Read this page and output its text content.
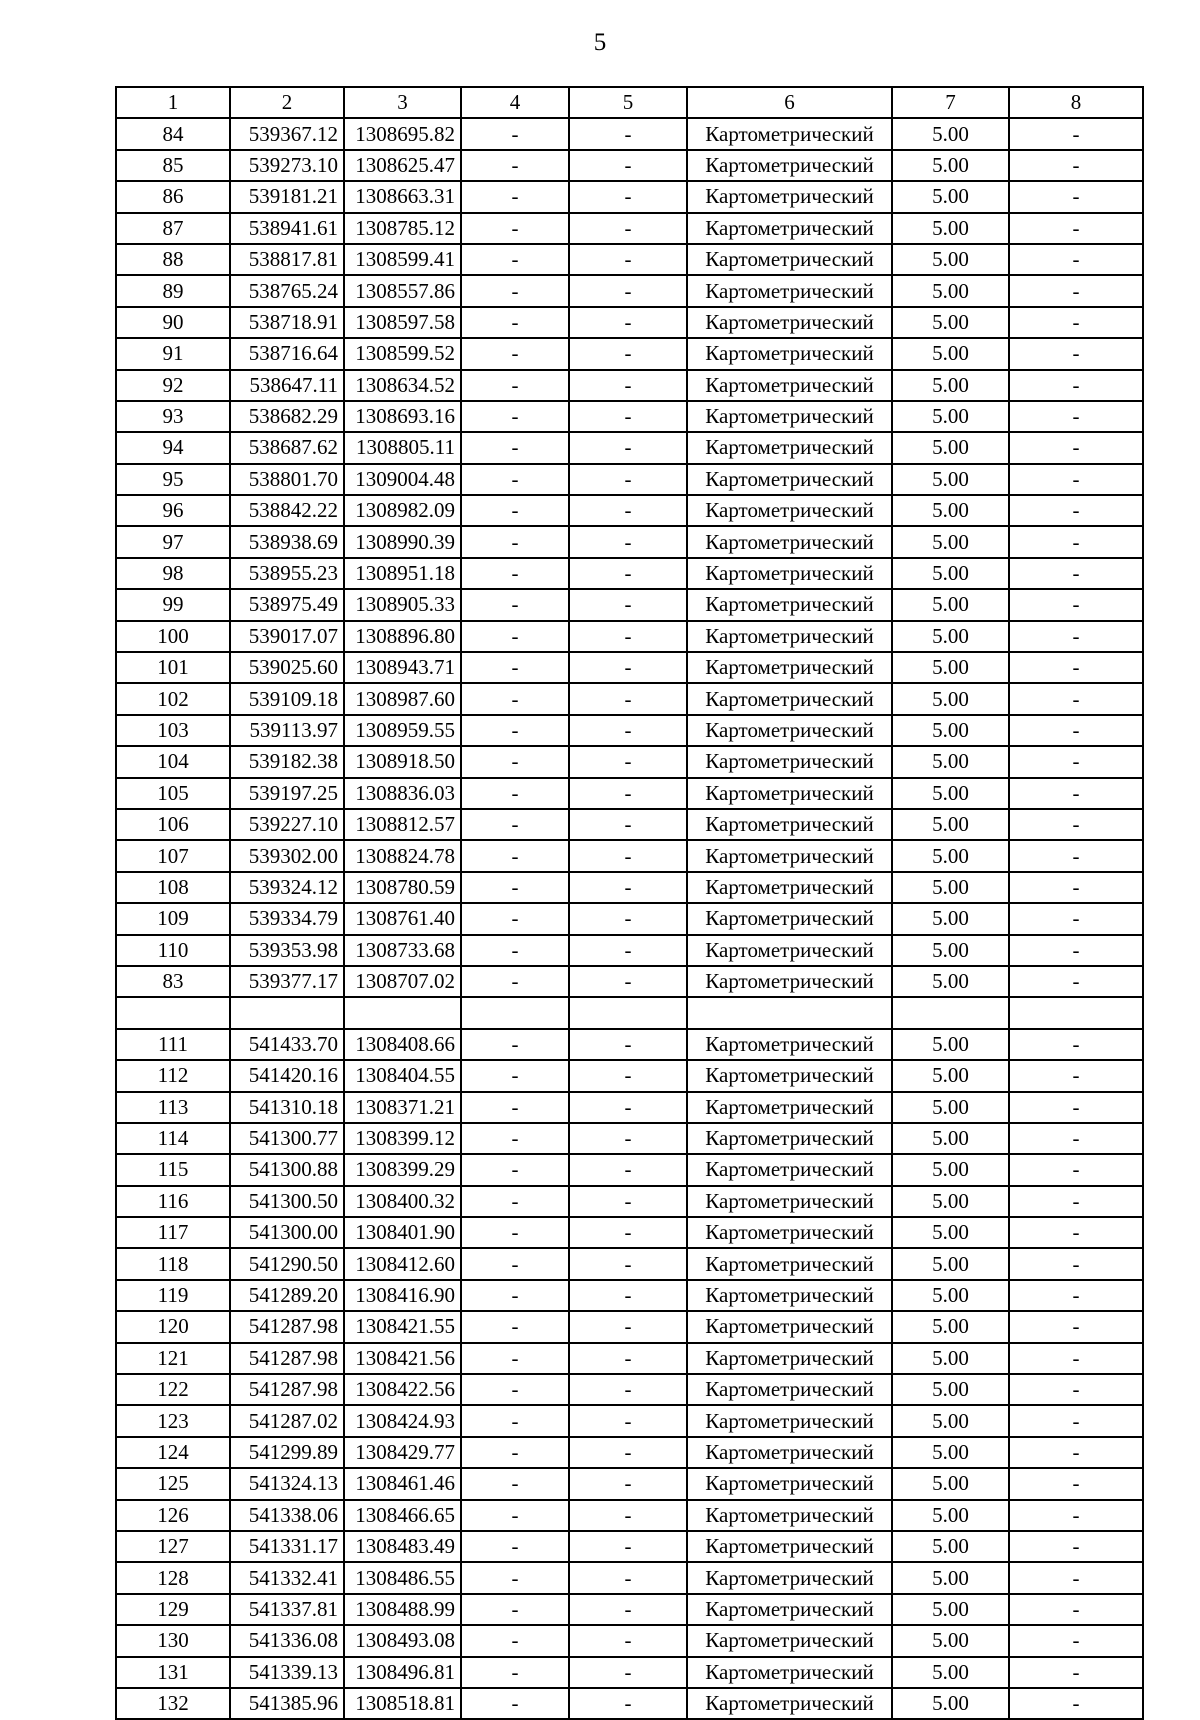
5
1	2	3	4	5	6	7	8
84	539367.12	1308695.82	-	-	Картометрический	5.00	-
85	539273.10	1308625.47	-	-	Картометрический	5.00	-
86	539181.21	1308663.31	-	-	Картометрический	5.00	-
87	538941.61	1308785.12	-	-	Картометрический	5.00	-
88	538817.81	1308599.41	-	-	Картометрический	5.00	-
89	538765.24	1308557.86	-	-	Картометрический	5.00	-
90	538718.91	1308597.58	-	-	Картометрический	5.00	-
91	538716.64	1308599.52	-	-	Картометрический	5.00	-
92	538647.11	1308634.52	-	-	Картометрический	5.00	-
93	538682.29	1308693.16	-	-	Картометрический	5.00	-
94	538687.62	1308805.11	-	-	Картометрический	5.00	-
95	538801.70	1309004.48	-	-	Картометрический	5.00	-
96	538842.22	1308982.09	-	-	Картометрический	5.00	-
97	538938.69	1308990.39	-	-	Картометрический	5.00	-
98	538955.23	1308951.18	-	-	Картометрический	5.00	-
99	538975.49	1308905.33	-	-	Картометрический	5.00	-
100	539017.07	1308896.80	-	-	Картометрический	5.00	-
101	539025.60	1308943.71	-	-	Картометрический	5.00	-
102	539109.18	1308987.60	-	-	Картометрический	5.00	-
103	539113.97	1308959.55	-	-	Картометрический	5.00	-
104	539182.38	1308918.50	-	-	Картометрический	5.00	-
105	539197.25	1308836.03	-	-	Картометрический	5.00	-
106	539227.10	1308812.57	-	-	Картометрический	5.00	-
107	539302.00	1308824.78	-	-	Картометрический	5.00	-
108	539324.12	1308780.59	-	-	Картометрический	5.00	-
109	539334.79	1308761.40	-	-	Картометрический	5.00	-
110	539353.98	1308733.68	-	-	Картометрический	5.00	-
83	539377.17	1308707.02	-	-	Картометрический	5.00	-

111	541433.70	1308408.66	-	-	Картометрический	5.00	-
112	541420.16	1308404.55	-	-	Картометрический	5.00	-
113	541310.18	1308371.21	-	-	Картометрический	5.00	-
114	541300.77	1308399.12	-	-	Картометрический	5.00	-
115	541300.88	1308399.29	-	-	Картометрический	5.00	-
116	541300.50	1308400.32	-	-	Картометрический	5.00	-
117	541300.00	1308401.90	-	-	Картометрический	5.00	-
118	541290.50	1308412.60	-	-	Картометрический	5.00	-
119	541289.20	1308416.90	-	-	Картометрический	5.00	-
120	541287.98	1308421.55	-	-	Картометрический	5.00	-
121	541287.98	1308421.56	-	-	Картометрический	5.00	-
122	541287.98	1308422.56	-	-	Картометрический	5.00	-
123	541287.02	1308424.93	-	-	Картометрический	5.00	-
124	541299.89	1308429.77	-	-	Картометрический	5.00	-
125	541324.13	1308461.46	-	-	Картометрический	5.00	-
126	541338.06	1308466.65	-	-	Картометрический	5.00	-
127	541331.17	1308483.49	-	-	Картометрический	5.00	-
128	541332.41	1308486.55	-	-	Картометрический	5.00	-
129	541337.81	1308488.99	-	-	Картометрический	5.00	-
130	541336.08	1308493.08	-	-	Картометрический	5.00	-
131	541339.13	1308496.81	-	-	Картометрический	5.00	-
132	541385.96	1308518.81	-	-	Картометрический	5.00	-
